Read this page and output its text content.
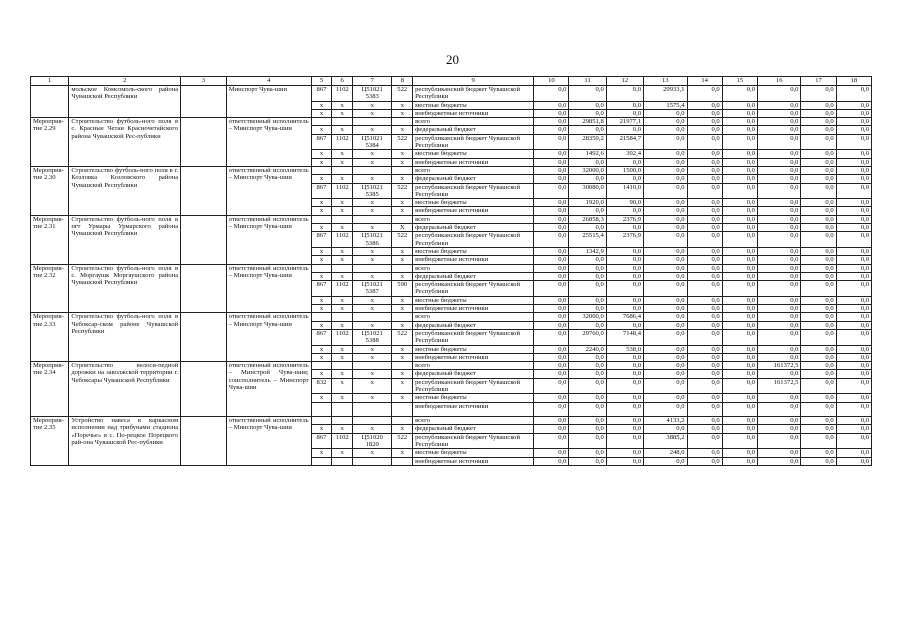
20
1	2	3	4	5	6	7	8	9	10	11	12	13	14	15	16	17	18
	мольское Комсомоль-ского района Чувашской Республики		Минспорт Чува-шии	867	1102	Ц51021 5383	522	республиканский бюджет Чувашской Республики	0,0	0,0	0,0	29933,1	0,0	0,0	0,0	0,0	0,0
				x	x	x	x	местные бюджеты	0,0	0,0	0,0	1575,4	0,0	0,0	0,0	0,0	0,0
				x	x	x	x	внебюджетные источники	0,0	0,0	0,0	0,0	0,0	0,0	0,0	0,0	0,0
Мероприя-тие 2.29	Строительство футболь-ного поля в с. Красные Четаи Красночетайского района Чувашской Рес-публики		ответственный исполнитель – Минспорт Чува-шии					всего	0,0	29851,8	21977,1	0,0	0,0	0,0	0,0	0,0	0,0
				x	x	x	x	федеральный бюджет	0,0	0,0	0,0	0,0	0,0	0,0	0,0	0,0	0,0
				867	1102	Ц51021 5384	522	республиканский бюджет Чувашской Республики	0,0	28359,2	21584,7	0,0	0,0	0,0	0,0	0,0	0,0
				x	x	x	x	местные бюджеты	0,0	1492,6	392,4	0,0	0,0	0,0	0,0	0,0	0,0
				x	x	x	x	внебюджетные источники	0,0	0,0	0,0	0,0	0,0	0,0	0,0	0,0	0,0
Мероприя-тие 2.30	Строительство футболь-ного поля в г. Козловка Козловского района Чувашской Республики		ответственный исполнитель – Минспорт Чува-шии					всего	0,0	32000,0	1500,0	0,0	0,0	0,0	0,0	0,0	0,0
				x	x	x	x	федеральный бюджет	0,0	0,0	0,0	0,0	0,0	0,0	0,0	0,0	0,0
				867	1102	Ц51021 5385	522	республиканский бюджет Чувашской Республики	0,0	30080,0	1410,0	0,0	0,0	0,0	0,0	0,0	0,0
				x	x	x	x	местные бюджеты	0,0	1920,0	90,0	0,0	0,0	0,0	0,0	0,0	0,0
				x	x	x	x	внебюджетные источники	0,0	0,0	0,0	0,0	0,0	0,0	0,0	0,0	0,0
Мероприя-тие 2.31	Строительство футболь-ного поля в пгт Урмары Урмарского района Чувашской Республики		ответственный исполнитель – Минспорт Чува-шии					всего	0,0	26858,3	2376,9	0,0	0,0	0,0	0,0	0,0	0,0
				x	x	x	X	федеральный бюджет	0,0	0,0	0,0	0,0	0,0	0,0	0,0	0,0	0,0
				867	1102	Ц51021 5386	522	республиканский бюджет Чувашской Республики	0,0	25515,4	2376,9	0,0	0,0	0,0	0,0	0,0	0,0
				x	x	x	x	местные бюджеты	0,0	1342,9	0,0	0,0	0,0	0,0	0,0	0,0	0,0
				x	x	x	x	внебюджетные источники	0,0	0,0	0,0	0,0	0,0	0,0	0,0	0,0	0,0
Мероприя-тие 2.32	Строительство футболь-ного поля в с. Моргаушк Моргаушского района Чувашской Республики		ответственный исполнитель – Минспорт Чува-шии					всего	0,0	0,0	0,0	0,0	0,0	0,0	0,0	0,0	0,0
				x	x	x	x	федеральный бюджет	0,0	0,0	0,0	0,0	0,0	0,0	0,0	0,0	0,0
				867	1102	Ц51021 5387	590	республиканский бюджет Чувашской Республики	0,0	0,0	0,0	0,0	0,0	0,0	0,0	0,0	0,0
				x	x	x	x	местные бюджеты	0,0	0,0	0,0	0,0	0,0	0,0	0,0	0,0	0,0
				x	x	x	x	внебюджетные источники	0,0	0,0	0,0	0,0	0,0	0,0	0,0	0,0	0,0
Мероприя-тие 2.33	Строительство футболь-ного поля в Чебоксар-ском районе Чувашской Республики		ответственный исполнитель – Минспорт Чува-шии					всего	0,0	32000,0	7686,4	0,0	0,0	0,0	0,0	0,0	0,0
				x	x	x	x	федеральный бюджет	0,0	0,0	0,0	0,0	0,0	0,0	0,0	0,0	0,0
				867	1102	Ц51021 5388	522	республиканский бюджет Чувашской Республики	0,0	29760,0	7148,4	0,0	0,0	0,0	0,0	0,0	0,0
				x	x	x	x	местные бюджеты	0,0	2240,0	538,0	0,0	0,0	0,0	0,0	0,0	0,0
				x	x	x	x	внебюджетные источники	0,0	0,0	0,0	0,0	0,0	0,0	0,0	0,0	0,0
Мероприя-тие 2.34	Строительство велоси-педной дорожки на заволжской территории г. Чебоксары Чувашской Республики		ответственный исполнитель – Минстрой Чува-шии; соисполнитель – Минспорт Чува-шии					всего	0,0	0,0	0,0	0,0	0,0	0,0	161372,5	0,0	0,0
				x	x	x	x	федеральный бюджет	0,0	0,0	0,0	0,0	0,0	0,0	0,0	0,0	0,0
				832	x	x	x	республиканский бюджет Чувашской Республики	0,0	0,0	0,0	0,0	0,0	0,0	161372,5	0,0	0,0
				x	x	x	x	местные бюджеты	0,0	0,0	0,0	0,0	0,0	0,0	0,0	0,0	0,0
								внебюджетные источники	0,0	0,0	0,0	0,0	0,0	0,0	0,0	0,0	0,0
Мероприя-тие 2.35	Устройство навеса в каркасном исполнении над трибунами стадиона «Поречье» в с. По-рецкое Порецкого рай-она Чувашской Рес-публики		ответственный исполнитель – Минспорт Чува-шии					всего	0,0	0,0	0,0	4133,2	0,0	0,0	0,0	0,0	0,0
				x	x	x	x	федеральный бюджет	0,0	0,0	0,0	0,0	0,0	0,0	0,0	0,0	0,0
				867	1102	Ц51020 1820	522	республиканский бюджет Чувашской Республики	0,0	0,0	0,0	3885,2	0,0	0,0	0,0	0,0	0,0
				x	x	x	x	местные бюджеты	0,0	0,0	0,0	248,0	0,0	0,0	0,0	0,0	0,0
								внебюджетные источники	0,0	0,0	0,0	0,0	0,0	0,0	0,0	0,0	0,0
